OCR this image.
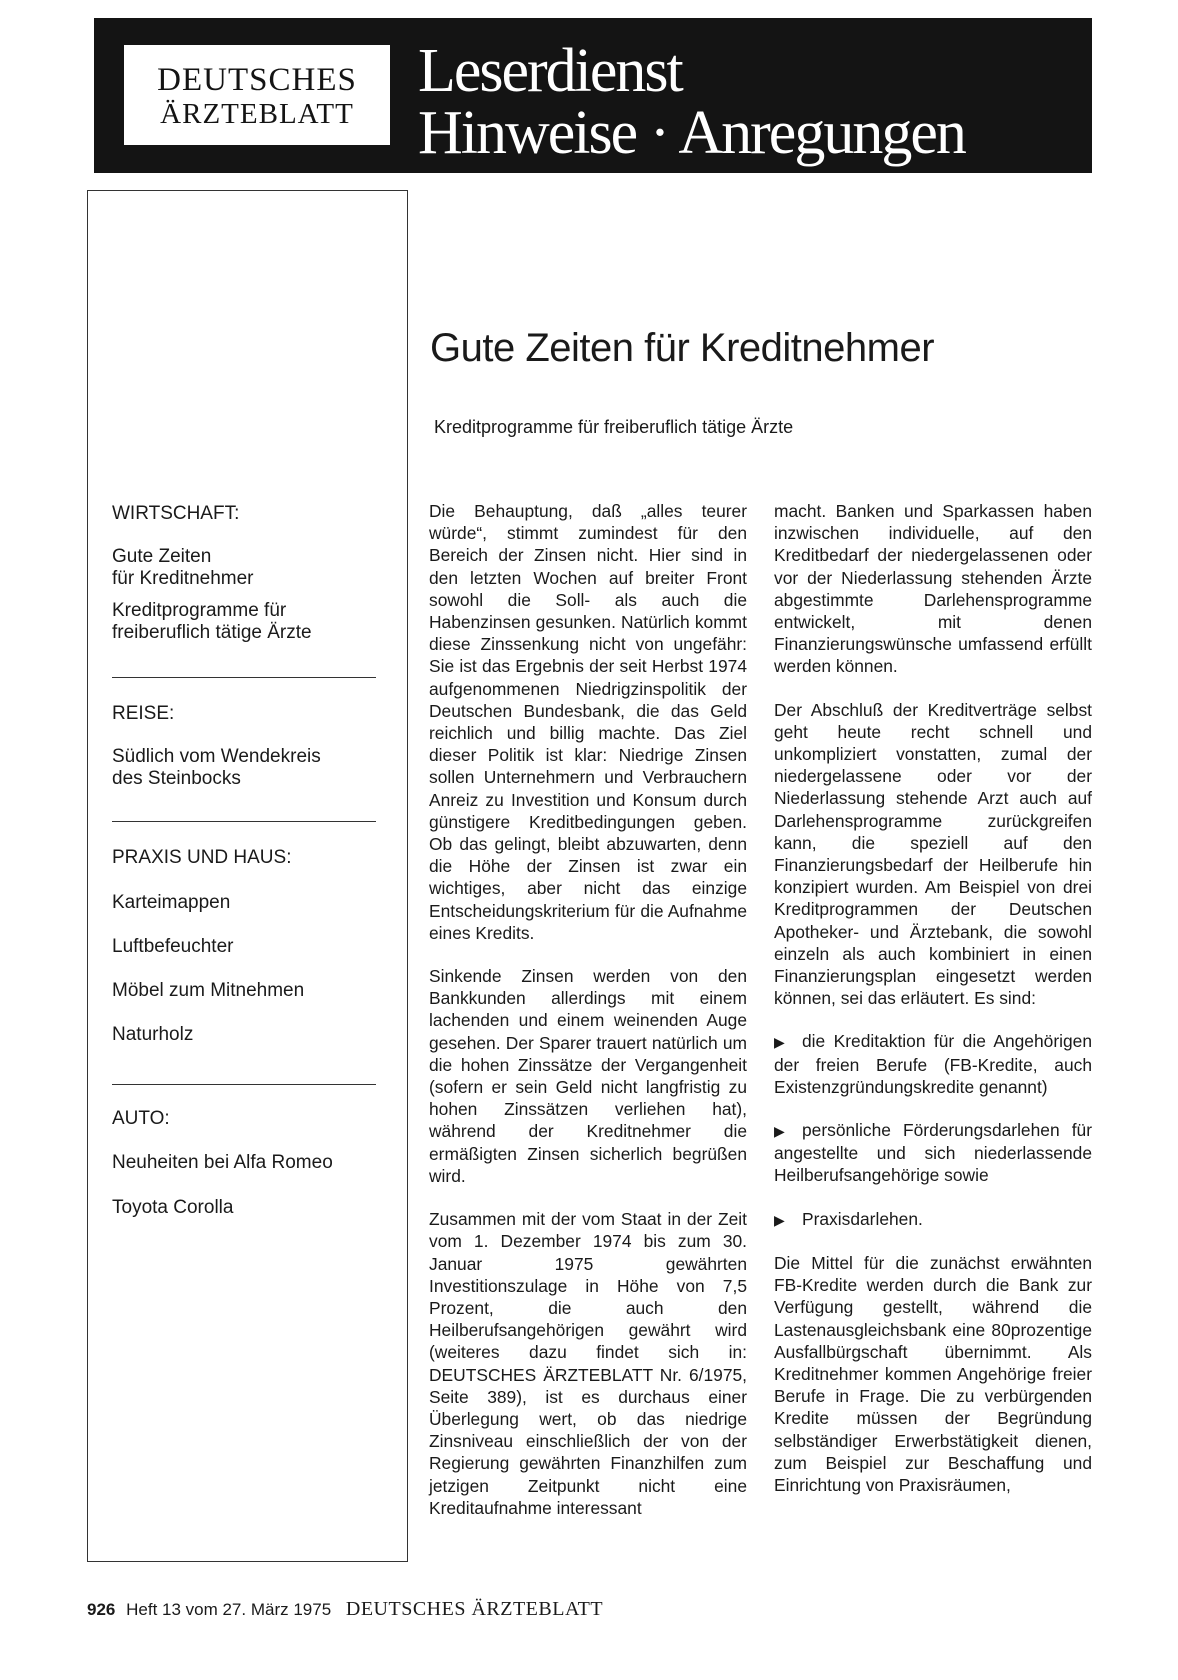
DEUTSCHES
ÄRZTEBLATT
Leserdienst
Hinweise · Anregungen
Gute Zeiten für Kreditnehmer
Kreditprogramme für freiberuflich tätige Ärzte
WIRTSCHAFT:
Gute Zeiten
für Kreditnehmer
Kreditprogramme für
freiberuflich tätige Ärzte
REISE:
Südlich vom Wendekreis
des Steinbocks
PRAXIS UND HAUS:
Karteimappen
Luftbefeuchter
Möbel zum Mitnehmen
Naturholz
AUTO:
Neuheiten bei Alfa Romeo
Toyota Corolla

Die Behauptung, daß „alles teurer würde“, stimmt zumindest für den Bereich der Zinsen nicht. Hier sind in den letzten Wochen auf breiter Front sowohl die Soll- als auch die Habenzinsen gesunken. Natürlich kommt diese Zinssenkung nicht von ungefähr: Sie ist das Ergebnis der seit Herbst 1974 aufgenommenen Niedrigzinspolitik der Deutschen Bundesbank, die das Geld reichlich und billig machte. Das Ziel dieser Politik ist klar: Niedrige Zinsen sollen Unternehmern und Verbrauchern Anreiz zu Investition und Konsum durch günstigere Kreditbedingungen geben. Ob das gelingt, bleibt abzuwarten, denn die Höhe der Zinsen ist zwar ein wichtiges, aber nicht das einzige Entscheidungskriterium für die Aufnahme eines Kredits.

Sinkende Zinsen werden von den Bankkunden allerdings mit einem lachenden und einem weinenden Auge gesehen. Der Sparer trauert natürlich um die hohen Zinssätze der Vergangenheit (sofern er sein Geld nicht langfristig zu hohen Zinssätzen verliehen hat), während der Kreditnehmer die ermäßigten Zinsen sicherlich begrüßen wird.

Zusammen mit der vom Staat in der Zeit vom 1. Dezember 1974 bis zum 30. Januar 1975 gewährten Investitionszulage in Höhe von 7,5 Prozent, die auch den Heilberufsangehörigen gewährt wird (weiteres dazu findet sich in: DEUTSCHES ÄRZTEBLATT Nr. 6/1975, Seite 389), ist es durchaus einer Überlegung wert, ob das niedrige Zinsniveau einschließlich der von der Regierung gewährten Finanzhilfen zum jetzigen Zeitpunkt nicht eine Kreditaufnahme interessant

macht. Banken und Sparkassen haben inzwischen individuelle, auf den Kreditbedarf der niedergelassenen oder vor der Niederlassung stehenden Ärzte abgestimmte Darlehensprogramme entwickelt, mit denen Finanzierungswünsche umfassend erfüllt werden können.

Der Abschluß der Kreditverträge selbst geht heute recht schnell und unkompliziert vonstatten, zumal der niedergelassene oder vor der Niederlassung stehende Arzt auch auf Darlehensprogramme zurückgreifen kann, die speziell auf den Finanzierungsbedarf der Heilberufe hin konzipiert wurden. Am Beispiel von drei Kreditprogrammen der Deutschen Apotheker- und Ärztebank, die sowohl einzeln als auch kombiniert in einen Finanzierungsplan eingesetzt werden können, sei das erläutert. Es sind:

▶ die Kreditaktion für die Angehörigen der freien Berufe (FB-Kredite, auch Existenzgründungskredite genannt)

▶ persönliche Förderungsdarlehen für angestellte und sich niederlassende Heilberufsangehörige sowie

▶ Praxisdarlehen.

Die Mittel für die zunächst erwähnten FB-Kredite werden durch die Bank zur Verfügung gestellt, während die Lastenausgleichsbank eine 80prozentige Ausfallbürgschaft übernimmt. Als Kreditnehmer kommen Angehörige freier Berufe in Frage. Die zu verbürgenden Kredite müssen der Begründung selbständiger Erwerbstätigkeit dienen, zum Beispiel zur Beschaffung und Einrichtung von Praxisräumen,

926 Heft 13 vom 27. März 1975 DEUTSCHES ÄRZTEBLATT
